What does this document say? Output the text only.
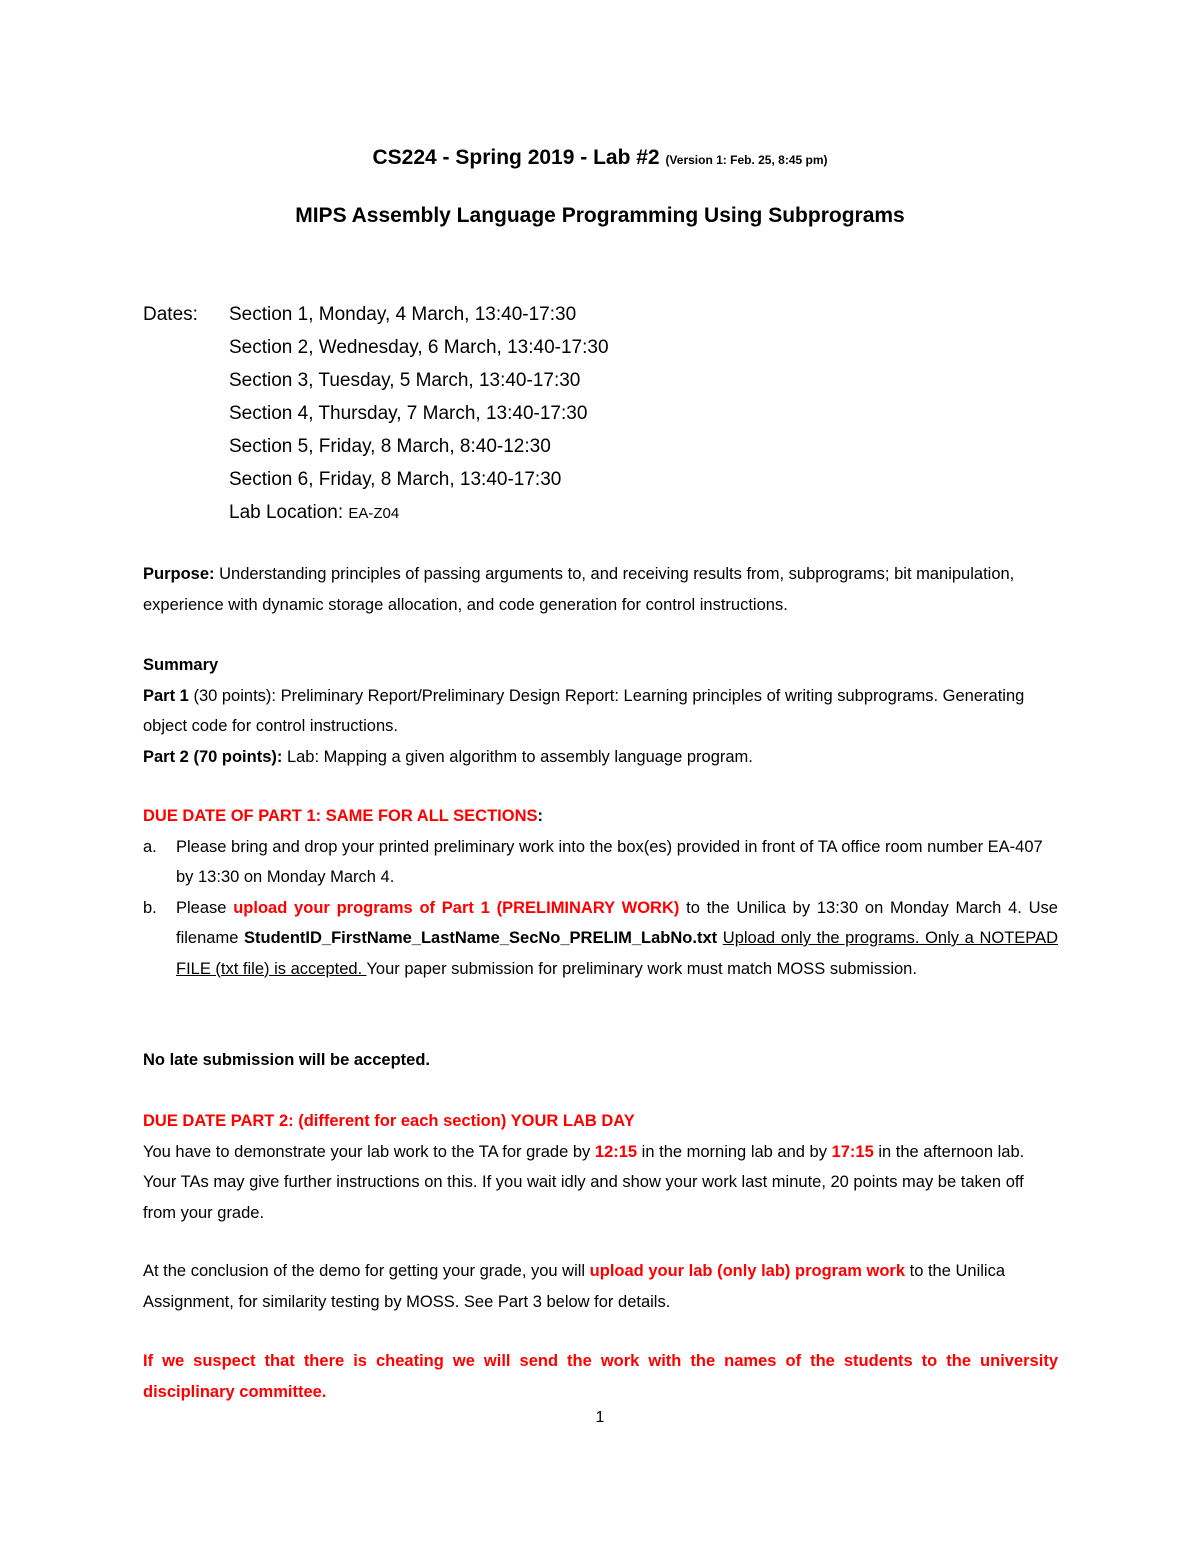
CS224 - Spring 2019 - Lab #2 (Version 1: Feb. 25, 8:45 pm)
MIPS Assembly Language Programming Using Subprograms
Dates:	Section 1, Monday, 4 March, 13:40-17:30
Section 2, Wednesday, 6 March, 13:40-17:30
Section 3, Tuesday, 5 March, 13:40-17:30
Section 4, Thursday, 7 March, 13:40-17:30
Section 5, Friday, 8 March, 8:40-12:30
Section 6, Friday, 8 March, 13:40-17:30
Lab Location: EA-Z04
Purpose: Understanding principles of passing arguments to, and receiving results from, subprograms; bit manipulation, experience with dynamic storage allocation, and code generation for control instructions.
Summary
Part 1 (30 points): Preliminary Report/Preliminary Design Report: Learning principles of writing subprograms. Generating object code for control instructions.
Part 2 (70 points): Lab: Mapping a given algorithm to assembly language program.
DUE DATE OF PART 1: SAME FOR ALL SECTIONS:
a.	Please bring and drop your printed preliminary work into the box(es) provided in front of TA office room number EA-407 by 13:30 on Monday March 4.
b.	Please upload your programs of Part 1 (PRELIMINARY WORK) to the Unilica by 13:30 on Monday March 4. Use filename StudentID_FirstName_LastName_SecNo_PRELIM_LabNo.txt Upload only the programs. Only a NOTEPAD FILE (txt file) is accepted. Your paper submission for preliminary work must match MOSS submission.
No late submission will be accepted.
DUE DATE PART 2: (different for each section) YOUR LAB DAY
You have to demonstrate your lab work to the TA for grade by 12:15 in the morning lab and by 17:15 in the afternoon lab. Your TAs may give further instructions on this. If you wait idly and show your work last minute, 20 points may be taken off from your grade.
At the conclusion of the demo for getting your grade, you will upload your lab (only lab) program work to the Unilica Assignment, for similarity testing by MOSS. See Part 3 below for details.
If we suspect that there is cheating we will send the work with the names of the students to the university disciplinary committee.
1
